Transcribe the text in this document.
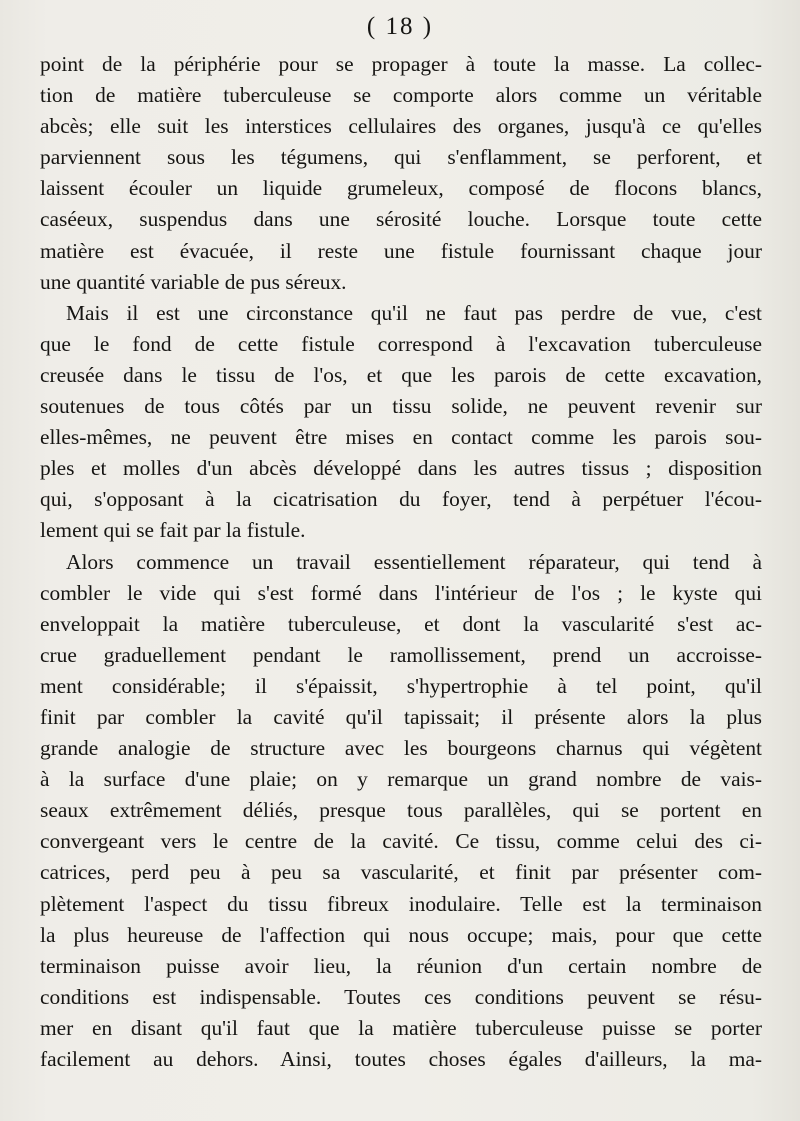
( 18 )
point de la périphérie pour se propager à toute la masse. La collec-
tion de matière tuberculeuse se comporte alors comme un véritable
abcès; elle suit les interstices cellulaires des organes, jusqu'à ce qu'elles
parviennent sous les tégumens, qui s'enflamment, se perforent, et
laissent écouler un liquide grumeleux, composé de flocons blancs,
caséeux, suspendus dans une sérosité louche. Lorsque toute cette
matière est évacuée, il reste une fistule fournissant chaque jour
une quantité variable de pus séreux.
Mais il est une circonstance qu'il ne faut pas perdre de vue, c'est
que le fond de cette fistule correspond à l'excavation tuberculeuse
creusée dans le tissu de l'os, et que les parois de cette excavation,
soutenues de tous côtés par un tissu solide, ne peuvent revenir sur
elles-mêmes, ne peuvent être mises en contact comme les parois sou-
ples et molles d'un abcès développé dans les autres tissus ; disposition
qui, s'opposant à la cicatrisation du foyer, tend à perpétuer l'écou-
lement qui se fait par la fistule.
Alors commence un travail essentiellement réparateur, qui tend à
combler le vide qui s'est formé dans l'intérieur de l'os ; le kyste qui
enveloppait la matière tuberculeuse, et dont la vascularité s'est ac-
crue graduellement pendant le ramollissement, prend un accroisse-
ment considérable; il s'épaissit, s'hypertrophie à tel point, qu'il
finit par combler la cavité qu'il tapissait; il présente alors la plus
grande analogie de structure avec les bourgeons charnus qui végètent
à la surface d'une plaie; on y remarque un grand nombre de vais-
seaux extrêmement déliés, presque tous parallèles, qui se portent en
convergeant vers le centre de la cavité. Ce tissu, comme celui des ci-
catrices, perd peu à peu sa vascularité, et finit par présenter com-
plètement l'aspect du tissu fibreux inodulaire. Telle est la terminaison
la plus heureuse de l'affection qui nous occupe; mais, pour que cette
terminaison puisse avoir lieu, la réunion d'un certain nombre de
conditions est indispensable. Toutes ces conditions peuvent se résu-
mer en disant qu'il faut que la matière tuberculeuse puisse se porter
facilement au dehors. Ainsi, toutes choses égales d'ailleurs, la ma-
